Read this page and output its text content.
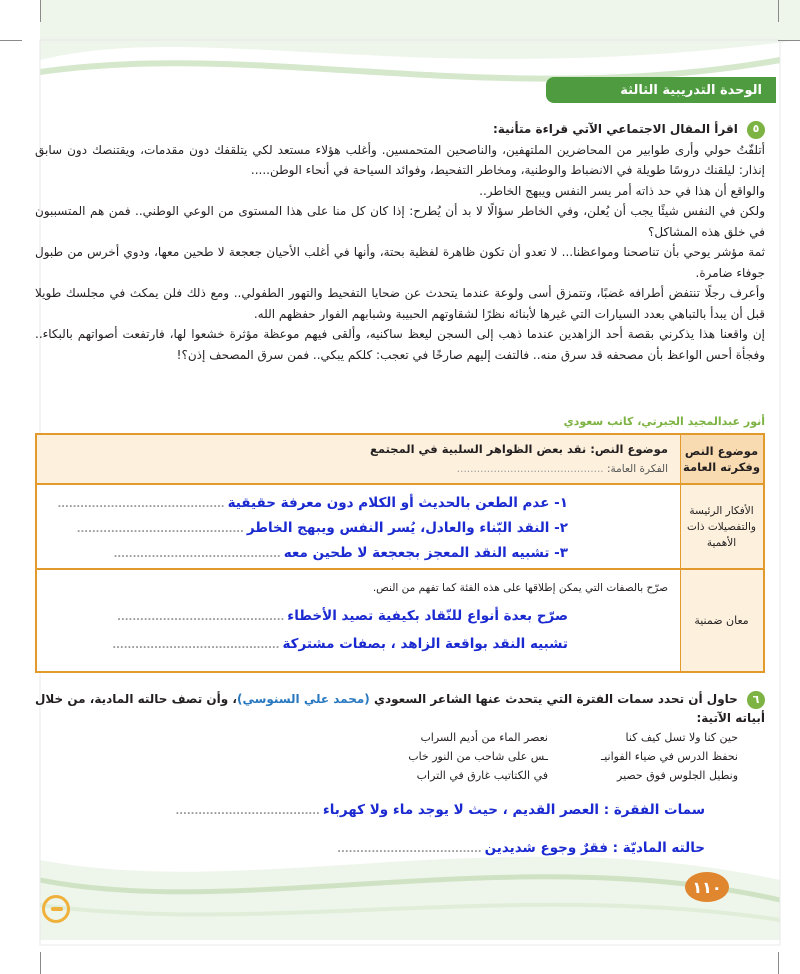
الوحدة التدريبية الثالثة

٥ اقرأ المقال الاجتماعي الآتي قراءة متأنية:

أتلفّتُ حولي وأرى طوابير من المحاضرين الملتهفين، والناصحين المتحمسين. وأغلب هؤلاء مستعد لكي يتلقفك دون مقدمات، ويقتنصك دون سابق إنذار: ليلقنك دروسًا طويلة في الانضباط والوطنية، ومخاطر التفحيط، وفوائد السياحة في أنحاء الوطن.....

والواقع أن هذا في حد ذاته أمر يسر النفس ويبهج الخاطر..

ولكن في النفس شيئًا يجب أن يُعلن، وفي الخاطر سؤالًا لا بد أن يُطرح: إذا كان كل منا على هذا المستوى من الوعي الوطني.. فمن هم المتسببون في خلق هذه المشاكل؟

ثمة مؤشر يوحي بأن تناصحنا ومواعظنا... لا تعدو أن تكون ظاهرة لفظية بحتة، وأنها في أغلب الأحيان جعجعة لا طحين معها، ودوي أخرس من طبول جوفاء ضامرة.

وأعرف رجلًا تنتفض أطرافه غضبًا، وتتمزق أسى ولوعة عندما يتحدث عن ضحايا التفحيط والتهور الطفولي.. ومع ذلك فلن يمكث في مجلسك طويلا قبل أن يبدأ بالتباهي بعدد السيارات التي غيرها لأبنائه نظرًا لشقاوتهم الحبيبة وشبابهم الفوار حفظهم الله.

إن واقعنا هذا يذكرني بقصة أحد الزاهدين عندما ذهب إلى السجن ليعظ ساكنيه، وألقى فيهم موعظة مؤثرة خشعوا لها، فارتفعت أصواتهم بالبكاء.. وفجأة أحس الواعظ بأن مصحفه قد سرق منه.. فالتفت إليهم صارخًا في تعجب: كلكم يبكي.. فمن سرق المصحف إذن؟!

أنور عبدالمجيد الجبرتي، كاتب سعودي
موضوع النص وفكرته العامة
موضوع النص: نقد بعض الظواهر السلبية في المجتمع
الفكرة العامة: ............................................
الأفكار الرئيسة والتفصيلات ذات الأهمية
١- عدم الطعن بالحديث أو الكلام دون معرفة حقيقية............................................
٢- النقد البّناء والعادل، يُسر النفس ويبهج الخاطر............................................
٣- تشبيه النقد المعجز بجعجعة لا طحين معه............................................
معان ضمنية
صرّح بالصفات التي يمكن إطلاقها على هذه الفئة كما تفهم من النص.
صرّح بعدة أنواع للنّقاد بكيفية تصيد الأخطاء............................................
تشبيه النقد بواقعة الزاهد ، بصفات مشتركة............................................
٦ حاول أن تحدد سمات الفترة التي يتحدث عنها الشاعر السعودي (محمد علي السنوسي)، وأن تصف حالته المادية، من خلال أبياته الآتية:
حين كنا ولا تسل كيف كنا
نعصر الماء من أديم السراب
نحفظ الدرس في ضياء الفوانيـ
ـس على شاحب من النور خاب
ونطيل الجلوس فوق حصير
في الكتاتيب غارق في التراب
سمات الفقرة : العصر القديم ، حيث لا يوجد ماء ولا كهرباء......................................
حالته الماديّة : فقرٌ وجوع شديدين......................................
١١٠
